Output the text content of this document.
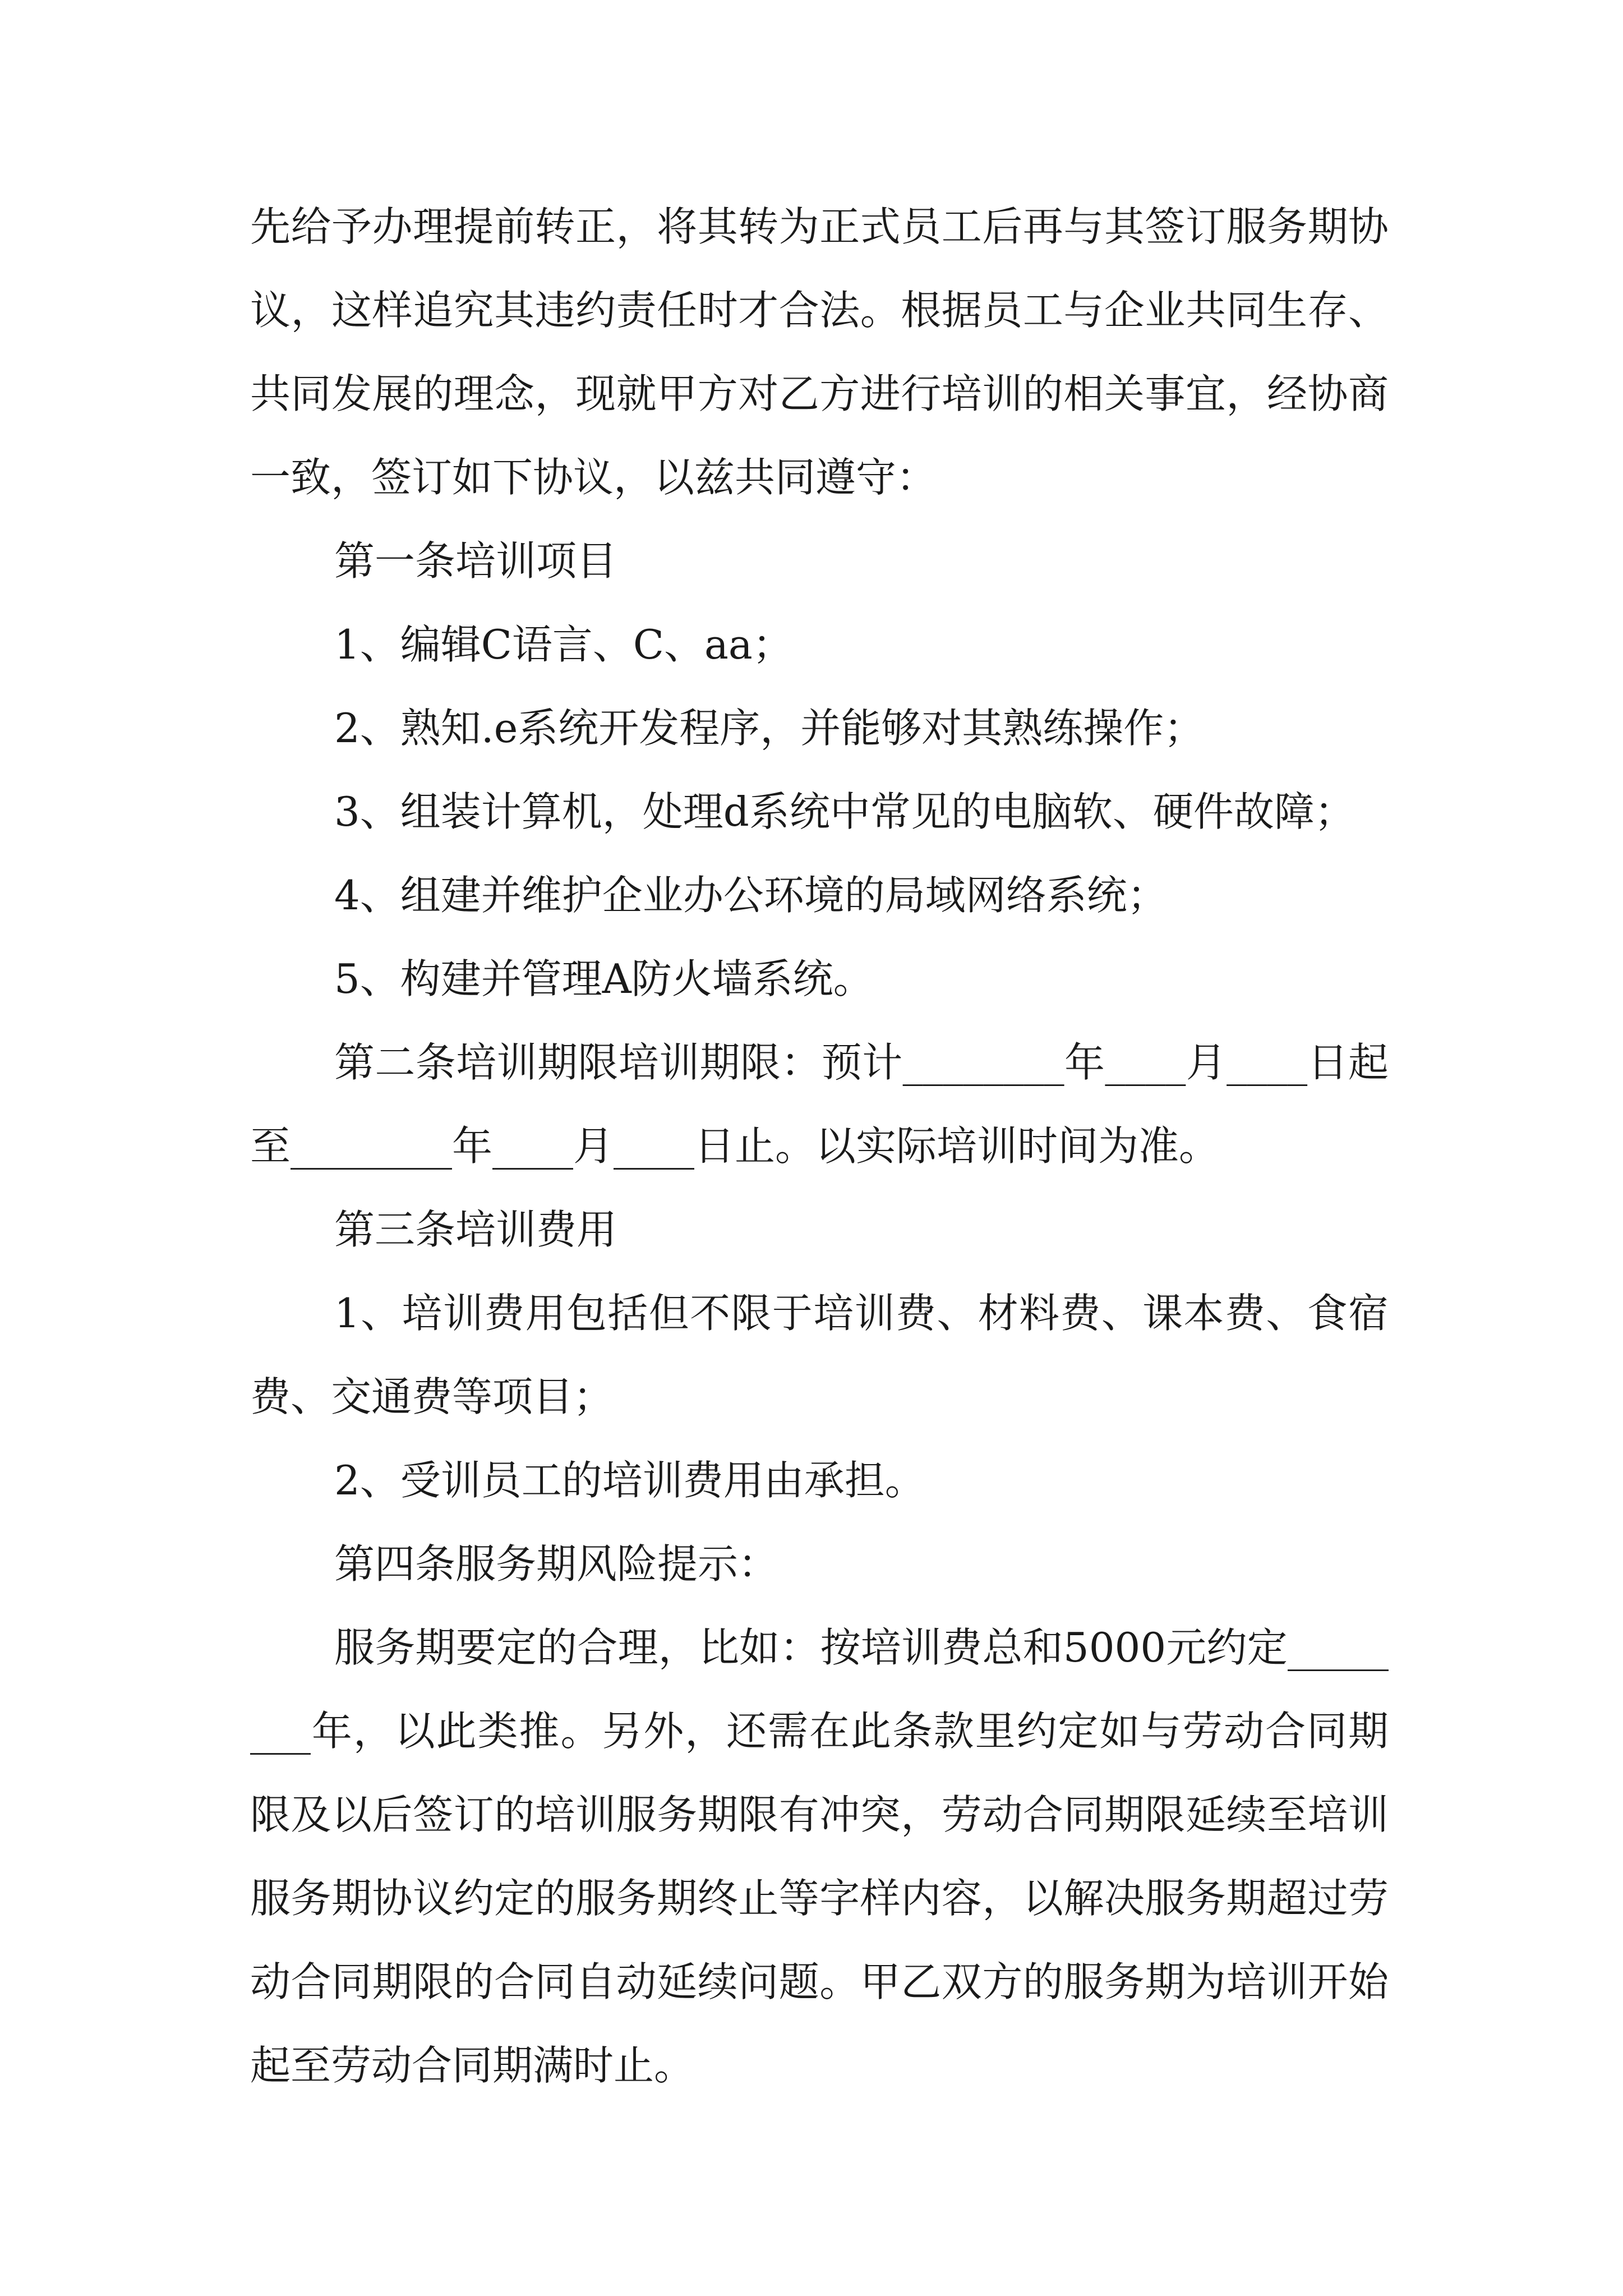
先给予办理提前转正，将其转为正式员工后再与其签订服务期协议，这样追究其违约责任时才合法。根据员工与企业共同生存、共同发展的理念，现就甲方对乙方进行培训的相关事宜，经协商一致，签订如下协议，以兹共同遵守：

第一条培训项目

1、编辑C语言、C、aa；

2、熟知.e系统开发程序，并能够对其熟练操作；

3、组装计算机，处理d系统中常见的电脑软、硬件故障；

4、组建并维护企业办公环境的局域网络系统；

5、构建并管理A防火墙系统。

第二条培训期限培训期限：预计________年____月____日起至________年____月____日止。以实际培训时间为准。

第三条培训费用

1、培训费用包括但不限于培训费、材料费、课本费、食宿费、交通费等项目；

2、受训员工的培训费用由承担。

第四条服务期风险提示：

服务期要定的合理，比如：按培训费总和5000元约定________年，以此类推。另外，还需在此条款里约定如与劳动合同期限及以后签订的培训服务期限有冲突，劳动合同期限延续至培训服务期协议约定的服务期终止等字样内容，以解决服务期超过劳动合同期限的合同自动延续问题。甲乙双方的服务期为培训开始起至劳动合同期满时止。
